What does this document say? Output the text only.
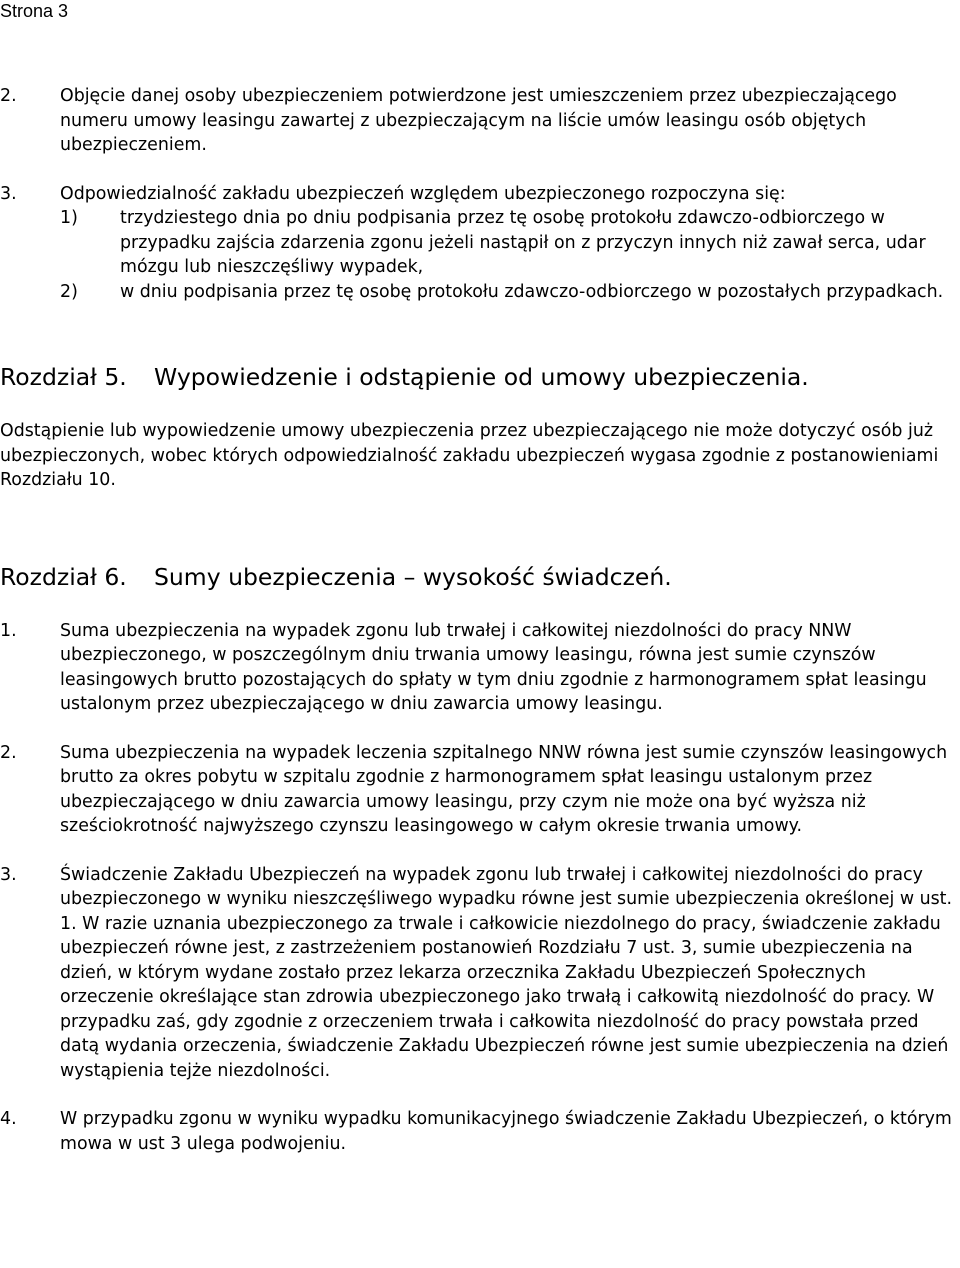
Strona 3
2. Objęcie danej osoby ubezpieczeniem potwierdzone jest umieszczeniem przez ubezpieczającego numeru umowy leasingu zawartej z ubezpieczającym na liście umów leasingu osób objętych ubezpieczeniem.

3. Odpowiedzialność zakładu ubezpieczeń względem ubezpieczonego rozpoczyna się:

1) trzydziestego dnia po dniu podpisania przez tę osobę protokołu zdawczo-odbiorczego w przypadku zajścia zdarzenia zgonu jeżeli nastąpił on z przyczyn innych niż zawał serca, udar mózgu lub nieszczęśliwy wypadek,

2) w dniu podpisania przez tę osobę protokołu zdawczo-odbiorczego w pozostałych przypadkach.

Rozdział 5. Wypowiedzenie i odstąpienie od umowy ubezpieczenia.

Odstąpienie lub wypowiedzenie umowy ubezpieczenia przez ubezpieczającego nie może dotyczyć osób już ubezpieczonych, wobec których odpowiedzialność zakładu ubezpieczeń wygasa zgodnie z postanowieniami Rozdziału 10.

Rozdział 6. Sumy ubezpieczenia – wysokość świadczeń.
1. Suma ubezpieczenia na wypadek zgonu lub trwałej i całkowitej niezdolności do pracy NNW ubezpieczonego, w poszczególnym dniu trwania umowy leasingu, równa jest sumie czynszów leasingowych brutto pozostających do spłaty w tym dniu zgodnie z harmonogramem spłat leasingu ustalonym przez ubezpieczającego w dniu zawarcia umowy leasingu.

2. Suma ubezpieczenia na wypadek leczenia szpitalnego NNW równa jest sumie czynszów leasingowych brutto za okres pobytu w szpitalu zgodnie z harmonogramem spłat leasingu ustalonym przez ubezpieczającego w dniu zawarcia umowy leasingu, przy czym nie może ona być wyższa niż sześciokrotność najwyższego czynszu leasingowego w całym okresie trwania umowy.

3. Świadczenie Zakładu Ubezpieczeń na wypadek zgonu lub trwałej i całkowitej niezdolności do pracy ubezpieczonego w wyniku nieszczęśliwego wypadku równe jest sumie ubezpieczenia określonej w ust. 1. W razie uznania ubezpieczonego za trwale i całkowicie niezdolnego do pracy, świadczenie zakładu ubezpieczeń równe jest, z zastrzeżeniem postanowień Rozdziału 7 ust. 3, sumie ubezpieczenia na dzień, w którym wydane zostało przez lekarza orzecznika Zakładu Ubezpieczeń Społecznych orzeczenie określające stan zdrowia ubezpieczonego jako trwałą i całkowitą niezdolność do pracy. W przypadku zaś, gdy zgodnie z orzeczeniem trwała i całkowita niezdolność do pracy powstała przed datą wydania orzeczenia, świadczenie Zakładu Ubezpieczeń równe jest sumie ubezpieczenia na dzień wystąpienia tejże niezdolności.

4. W przypadku zgonu w wyniku wypadku komunikacyjnego świadczenie Zakładu Ubezpieczeń, o którym mowa w ust 3 ulega podwojeniu.
